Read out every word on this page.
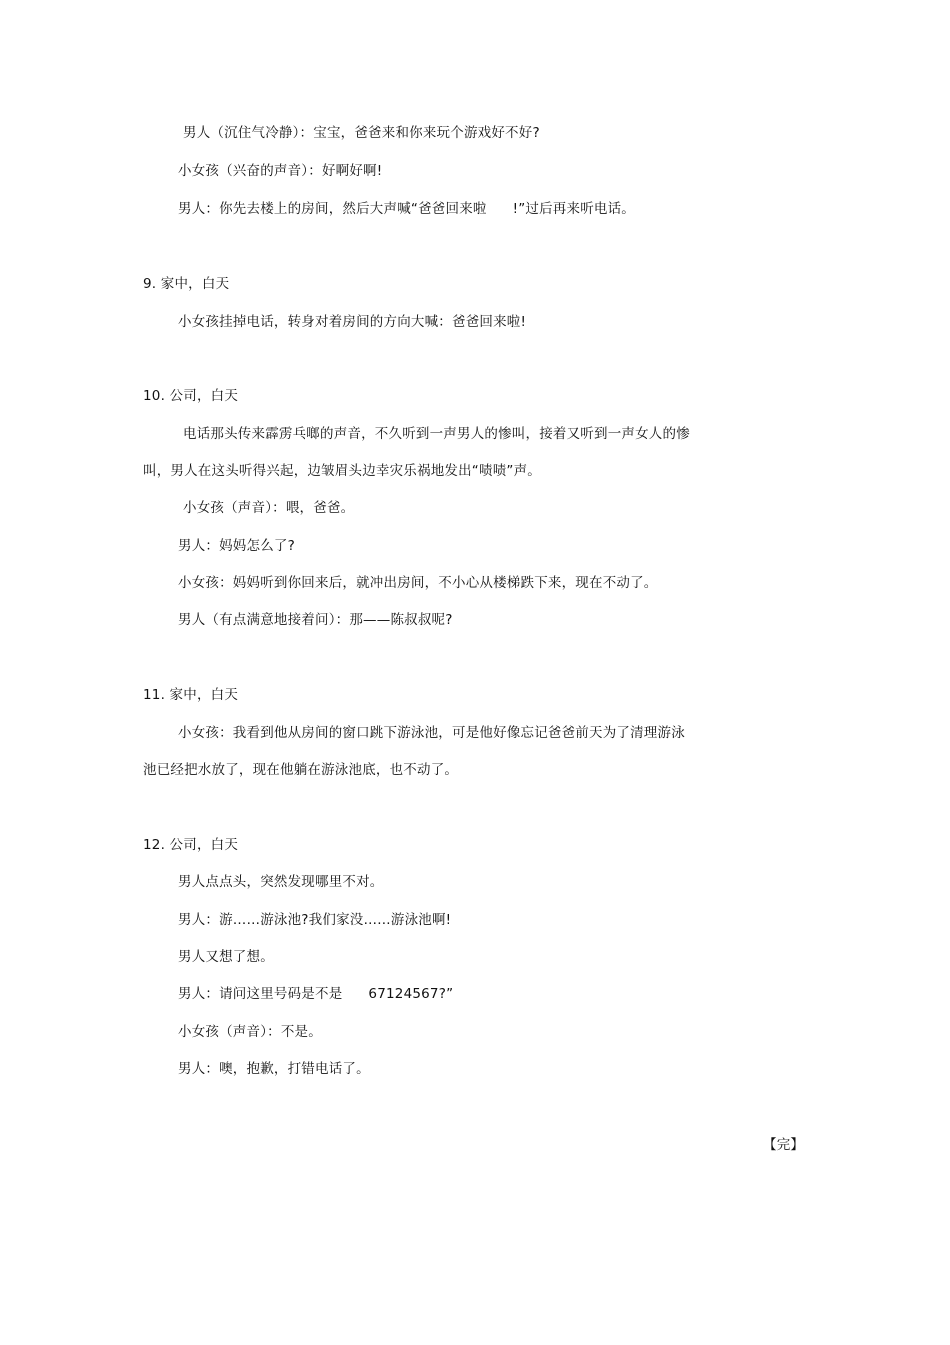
男人（沉住气冷静）：宝宝，爸爸来和你来玩个游戏好不好?
小女孩（兴奋的声音）：好啊好啊!
男人：你先去楼上的房间，然后大声喊“爸爸回来啦 !”过后再来听电话。
9. 家中，白天
小女孩挂掉电话，转身对着房间的方向大喊：爸爸回来啦!
10. 公司，白天
电话那头传来霹雳乓啷的声音，不久听到一声男人的惨叫，接着又听到一声女人的惨
叫，男人在这头听得兴起，边皱眉头边幸灾乐祸地发出“啧啧”声。
小女孩（声音）：喂，爸爸。
男人：妈妈怎么了?
小女孩：妈妈听到你回来后，就冲出房间，不小心从楼梯跌下来，现在不动了。
男人（有点满意地接着问）：那——陈叔叔呢?
11. 家中，白天
小女孩：我看到他从房间的窗口跳下游泳池，可是他好像忘记爸爸前天为了清理游泳
池已经把水放了，现在他躺在游泳池底，也不动了。
12. 公司，白天
男人点点头，突然发现哪里不对。
男人：游……游泳池?我们家没……游泳池啊!
男人又想了想。
男人：请问这里号码是不是 67124567?”
小女孩（声音）：不是。
男人：噢，抱歉，打错电话了。
【完】
